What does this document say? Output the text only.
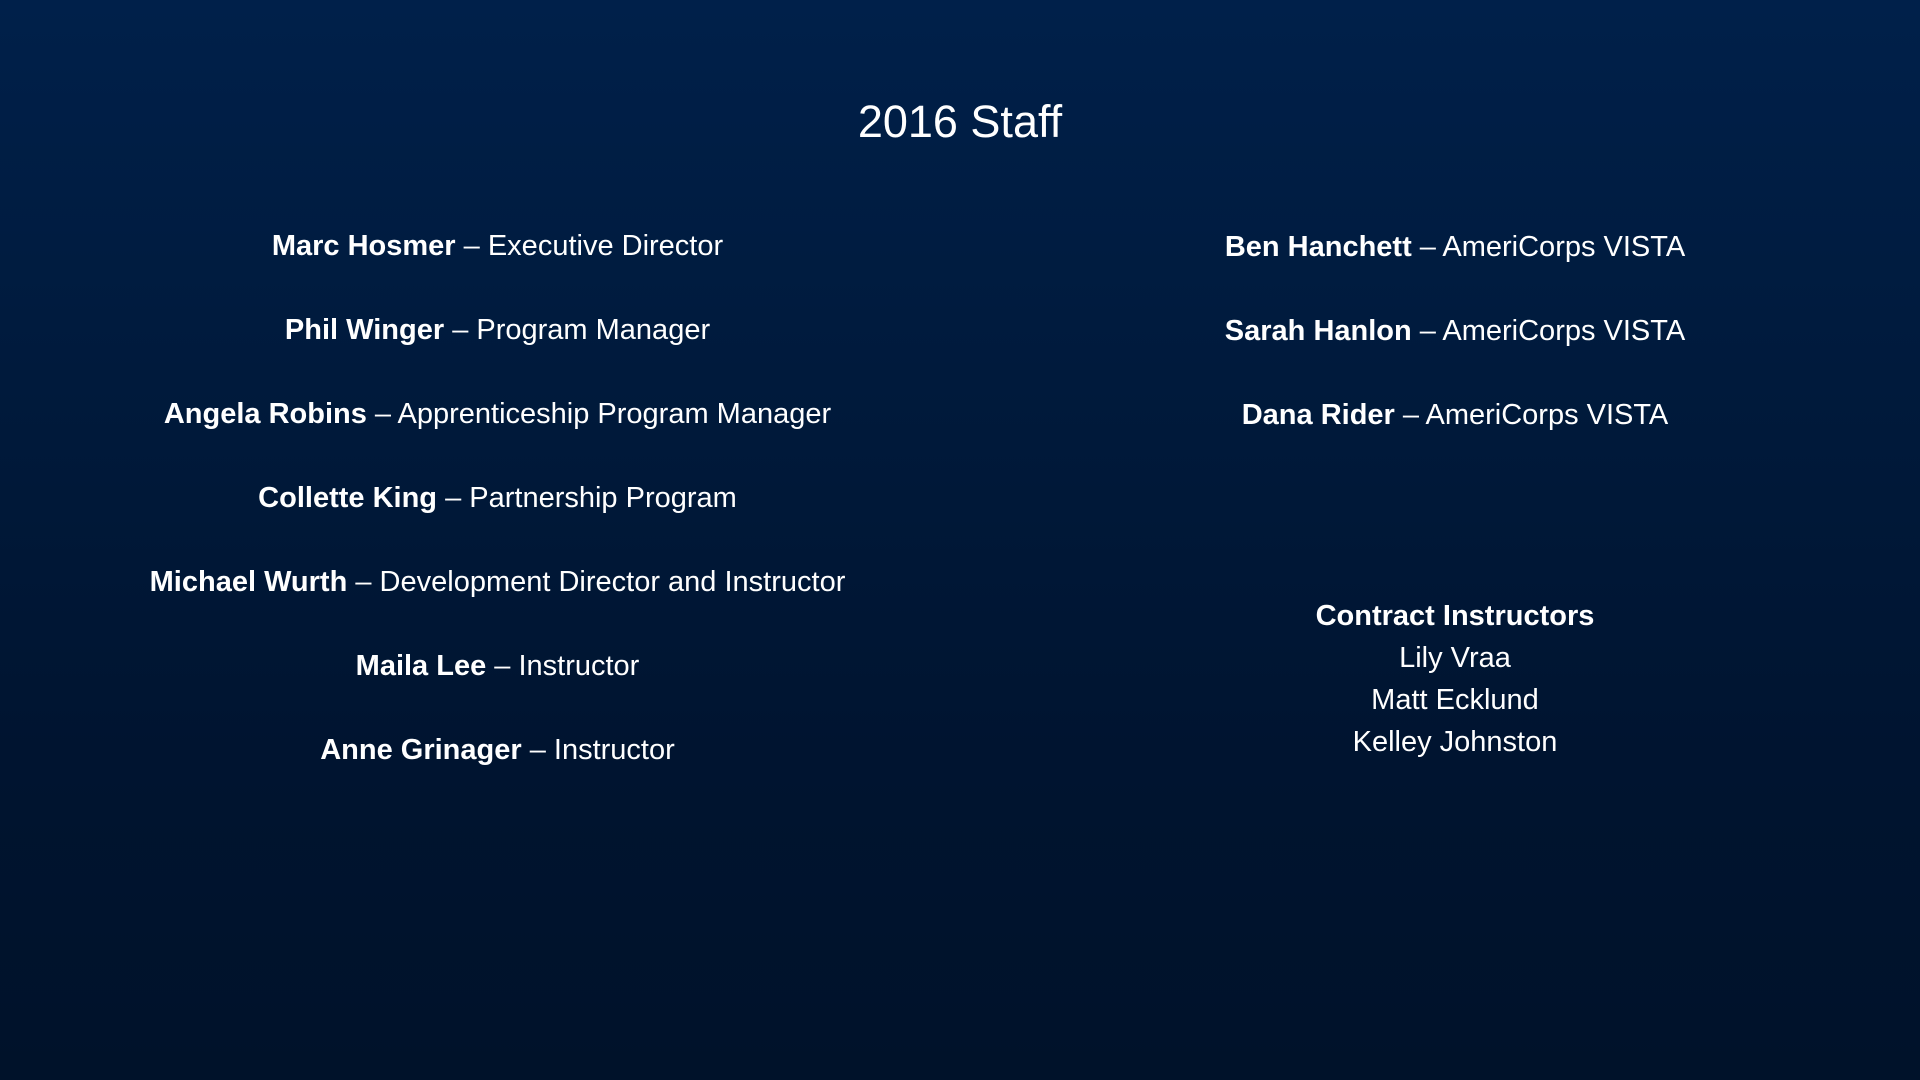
2016 Staff
Marc Hosmer – Executive Director
Phil Winger – Program Manager
Angela Robins – Apprenticeship Program Manager
Collette King – Partnership Program
Michael Wurth – Development Director and Instructor
Maila Lee – Instructor
Anne Grinager – Instructor
Ben Hanchett – AmeriCorps VISTA
Sarah Hanlon – AmeriCorps VISTA
Dana Rider – AmeriCorps VISTA
Contract Instructors
Lily Vraa
Matt Ecklund
Kelley Johnston
